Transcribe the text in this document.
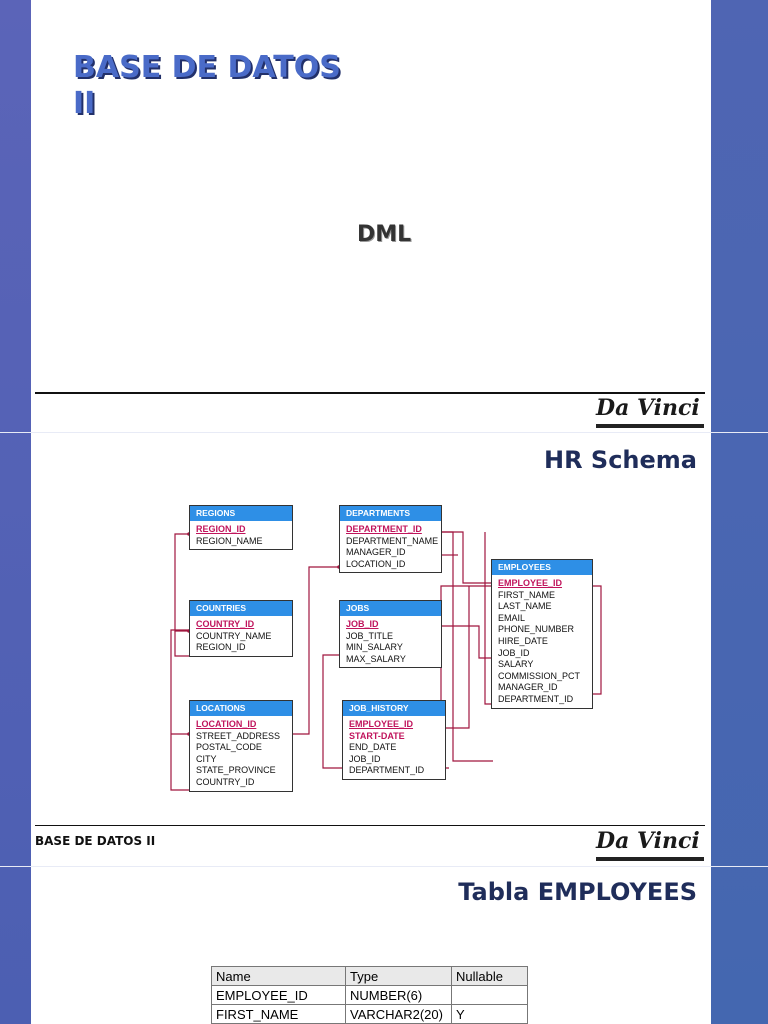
BASE DE DATOS
II
DML
Da Vinci
HR Schema
REGIONS
REGION_ID
REGION_NAME
COUNTRIES
COUNTRY_ID
COUNTRY_NAME
REGION_ID
LOCATIONS
LOCATION_ID
STREET_ADDRESS
POSTAL_CODE
CITY
STATE_PROVINCE
COUNTRY_ID
DEPARTMENTS
DEPARTMENT_ID
DEPARTMENT_NAME
MANAGER_ID
LOCATION_ID
JOBS
JOB_ID
JOB_TITLE
MIN_SALARY
MAX_SALARY
JOB_HISTORY
EMPLOYEE_ID
START-DATE
END_DATE
JOB_ID
DEPARTMENT_ID
EMPLOYEES
EMPLOYEE_ID
FIRST_NAME
LAST_NAME
EMAIL
PHONE_NUMBER
HIRE_DATE
JOB_ID
SALARY
COMMISSION_PCT
MANAGER_ID
DEPARTMENT_ID
BASE DE DATOS II	Da Vinci
Tabla EMPLOYEES
Name	Type	Nullable
EMPLOYEE_ID	NUMBER(6)	
FIRST_NAME	VARCHAR2(20)	Y
